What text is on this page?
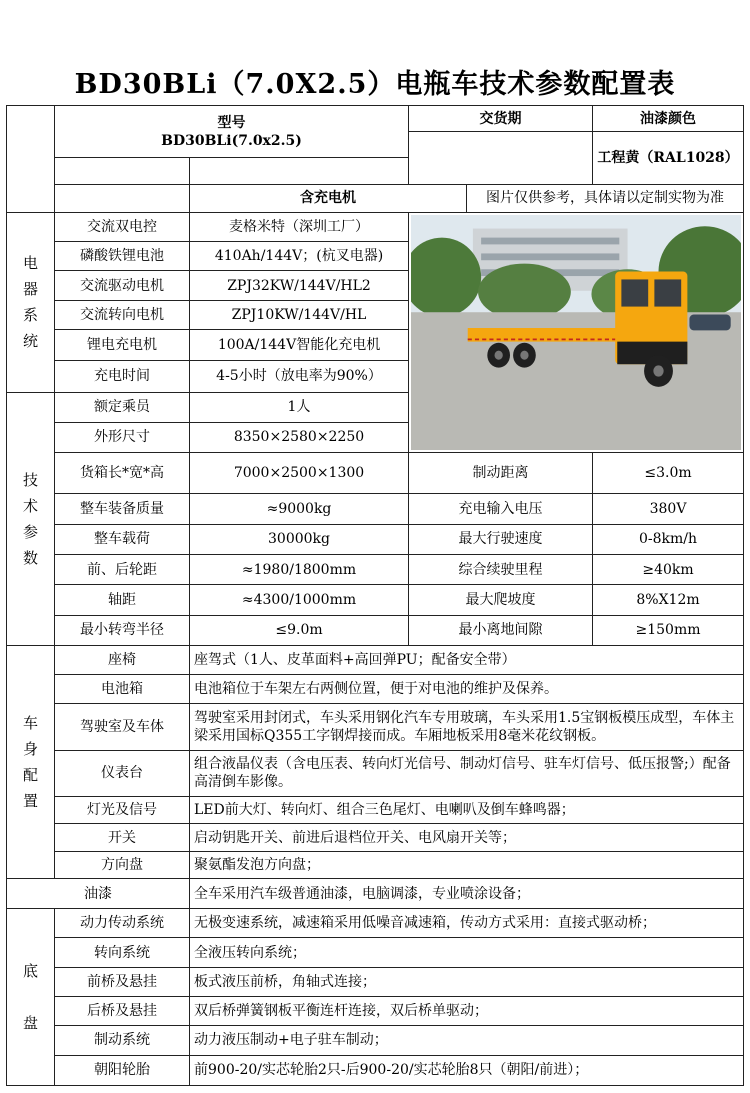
BD30BLi（7.0X2.5）电瓶车技术参数配置表
	型号
BD30BLi(7.0x2.5)		交货期		油漆颜色
					工程黄（RAL1028）

		含充电机		图片仅供参考，具体请以定制实物为准	

电
器
系
统	交流双电控	麦格米特（深圳工厂）	

	磷酸铁锂电池	410Ah/144V；(杭叉电器)			
	交流驱动电机	ZPJ32KW/144V/HL2			
	交流转向电机	ZPJ10KW/144V/HL			
	锂电充电机	100A/144V智能化充电机			
	充电时间	4-5小时（放电率为90%）			

技
术
参
数	额定乘员	1人			
	外形尺寸	8350×2580×2250			
	货箱长*宽*高	7000×2500×1300	制动距离		≤3.0m
	整车装备质量	≈9000kg	充电输入电压		380V
	整车载荷	30000kg	最大行驶速度		0-8km/h
	前、后轮距	≈1980/1800mm	综合续驶里程		≥40km
	轴距	≈4300/1000mm	最大爬坡度		8%X12m
	最小转弯半径	≤9.0m	最小离地间隙		≥150mm

车
身
配
置	座椅	座驾式（1人、皮革面料+高回弹PU；配备安全带）			
	电池箱	电池箱位于车架左右两侧位置，便于对电池的维护及保养。			
	驾驶室及车体	驾驶室采用封闭式，车头采用钢化汽车专用玻璃，车头采用1.5宝钢板模压成型，车体主梁采用国标Q355工字钢焊接而成。车厢地板采用8毫米花纹钢板。			
	仪表台	组合液晶仪表（含电压表、转向灯光信号、制动灯信号、驻车灯信号、低压报警;）配备高清倒车影像。			
	灯光及信号	LED前大灯、转向灯、组合三色尾灯、电喇叭及倒车蜂鸣器；			
	开关	启动钥匙开关、前进后退档位开关、电风扇开关等；			
	方向盘	聚氨酯发泡方向盘；			
油漆		全车采用汽车级普通油漆，电脑调漆，专业喷涂设备；			

底

盘	动力传动系统	无极变速系统，减速箱采用低噪音减速箱，传动方式采用：直接式驱动桥；			
	转向系统	全液压转向系统；			
	前桥及悬挂	板式液压前桥，角轴式连接；			
	后桥及悬挂	双后桥弹簧钢板平衡连杆连接，双后桥单驱动；			
	制动系统	动力液压制动+电子驻车制动；			
	朝阳轮胎	前900-20/实芯轮胎2只-后900-20/实芯轮胎8只（朝阳/前进）；			
